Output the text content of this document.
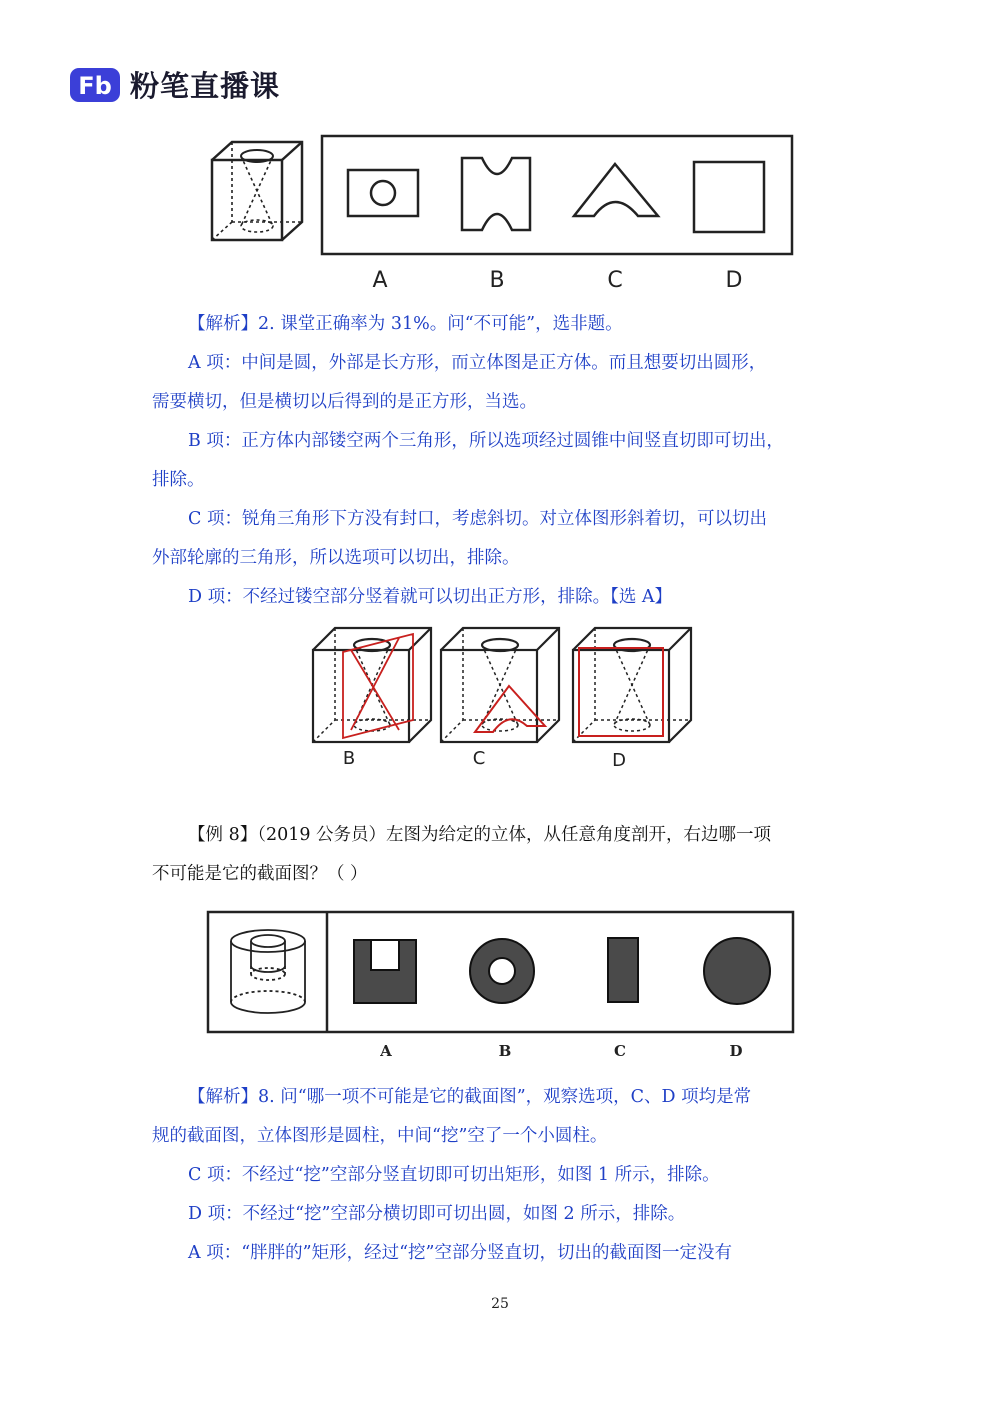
Fb 粉笔直播课
A	B	C	D
【解析】2. 课堂正确率为 31%。问“不可能”，选非题。
A 项：中间是圆，外部是长方形，而立体图是正方体。而且想要切出圆形，
需要横切，但是横切以后得到的是正方形，当选。
B 项：正方体内部镂空两个三角形，所以选项经过圆锥中间竖直切即可切出，
排除。
C 项：锐角三角形下方没有封口，考虑斜切。对立体图形斜着切，可以切出
外部轮廓的三角形，所以选项可以切出，排除。
D 项：不经过镂空部分竖着就可以切出正方形，排除。【选 A】
B	C	D
【例 8】（2019 公务员）左图为给定的立体，从任意角度剖开，右边哪一项
不可能是它的截面图？（ ）
A	B	C	D
【解析】8. 问“哪一项不可能是它的截面图”，观察选项，C、D 项均是常
规的截面图，立体图形是圆柱，中间“挖”空了一个小圆柱。
C 项：不经过“挖”空部分竖直切即可切出矩形，如图 1 所示，排除。
D 项：不经过“挖”空部分横切即可切出圆，如图 2 所示，排除。
A 项：“胖胖的”矩形，经过“挖”空部分竖直切，切出的截面图一定没有
25
